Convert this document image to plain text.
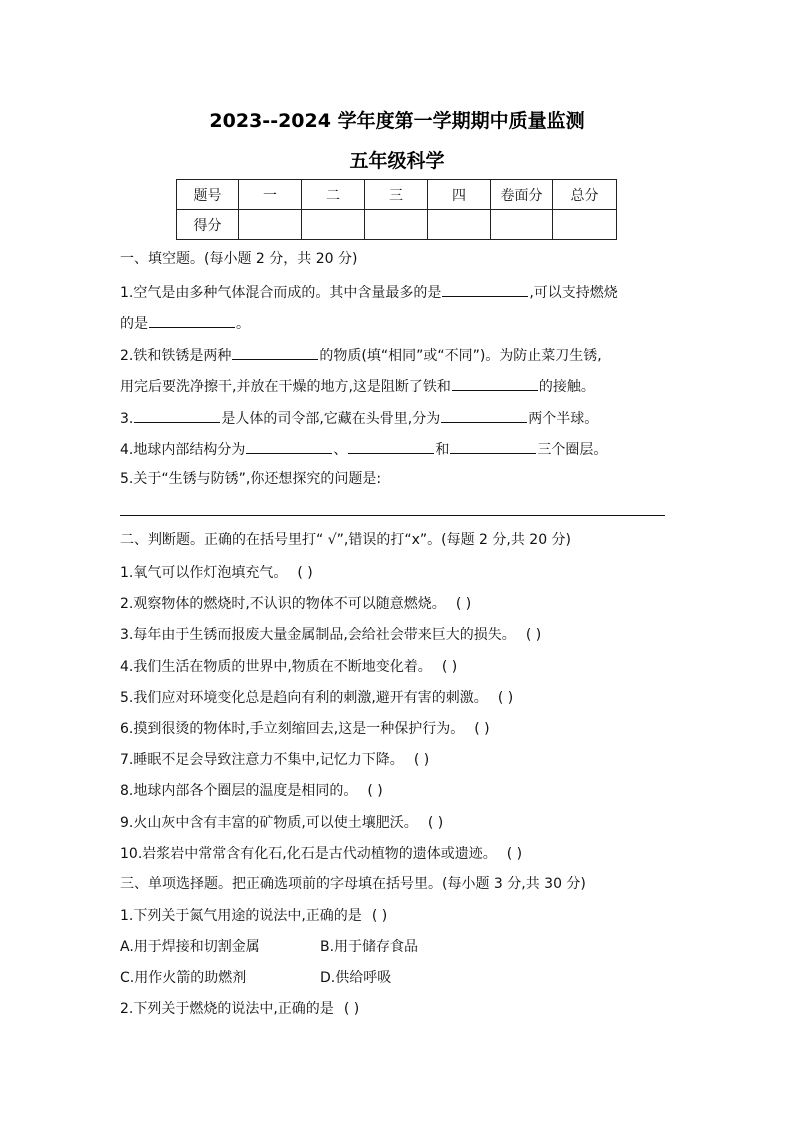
2023--2024 学年度第一学期期中质量监测
五年级科学
题号	一	二	三	四	卷面分	总分
得分						
一、填空题。(每小题 2 分，共 20 分)
1.空气是由多种气体混合而成的。其中含量最多的是	,可以支持燃烧
的是	。
2.铁和铁锈是两种	的物质(填“相同”或“不同”)。为防止菜刀生锈,
用完后要洗净擦干,并放在干燥的地方,这是阻断了铁和	的接触。
3.	是人体的司令部,它藏在头骨里,分为	两个半球。
4.地球内部结构分为	、	和	三个圈层。
5.关于“生锈与防锈”,你还想探究的问题是:
二、判断题。正确的在括号里打“ √”,错误的打“x”。(每题 2 分,共 20 分)
1.氧气可以作灯泡填充气。 ( )
2.观察物体的燃烧时,不认识的物体不可以随意燃烧。 ( )
3.每年由于生锈而报废大量金属制品,会给社会带来巨大的损失。 ( )
4.我们生活在物质的世界中,物质在不断地变化着。 ( )
5.我们应对环境变化总是趋向有利的刺激,避开有害的刺激。 ( )
6.摸到很烫的物体时,手立刻缩回去,这是一种保护行为。 ( )
7.睡眠不足会导致注意力不集中,记忆力下降。 ( )
8.地球内部各个圈层的温度是相同的。 ( )
9.火山灰中含有丰富的矿物质,可以使土壤肥沃。 ( )
10.岩浆岩中常常含有化石,化石是古代动植物的遗体或遗迹。 ( )
三、单项选择题。把正确选项前的字母填在括号里。(每小题 3 分,共 30 分)
1.下列关于氮气用途的说法中,正确的是 ( )
A.用于焊接和切割金属	B.用于储存食品
C.用作火箭的助燃剂	D.供给呼吸
2.下列关于燃烧的说法中,正确的是 ( )
